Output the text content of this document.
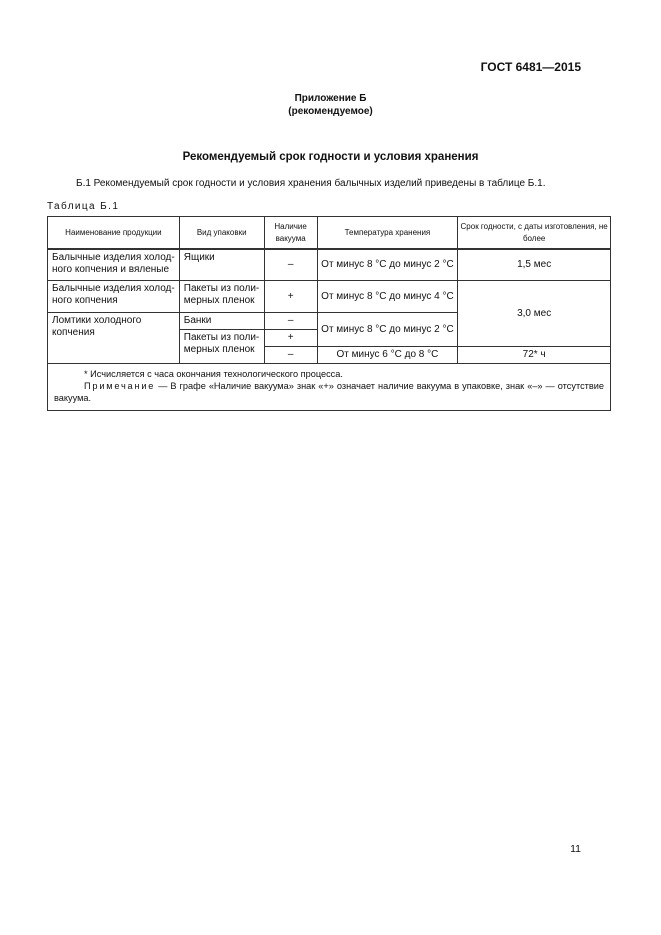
ГОСТ 6481—2015
Приложение Б
(рекомендуемое)
Рекомендуемый срок годности и условия хранения
Б.1 Рекомендуемый срок годности и условия хранения балычных изделий приведены в таблице Б.1.
Таблица Б.1
Наименование продукции	Вид упаковки	Наличие вакуума	Температура хранения	Срок годности, с даты изготовления, не более
Балычные изделия холод-ного копчения и вяленые	Ящики	–	От минус 8 °С до минус 2 °С	1,5 мес
Балычные изделия холод-ного копчения	Пакеты из поли-мерных пленок	+	От минус 8 °С до минус 4 °С	3,0 мес
Ломтики холодного копчения	Банки	–	От минус 8 °С до минус 2 °С	
	Пакеты из поли-мерных пленок	+		
		–	От минус 6 °С до 8 °С	72* ч

* Исчисляется с часа окончания технологического процесса.

Примечание — В графе «Наличие вакуума» знак «+» означает наличие вакуума в упаковке, знак «–» — отсутствие вакуума.				

11
